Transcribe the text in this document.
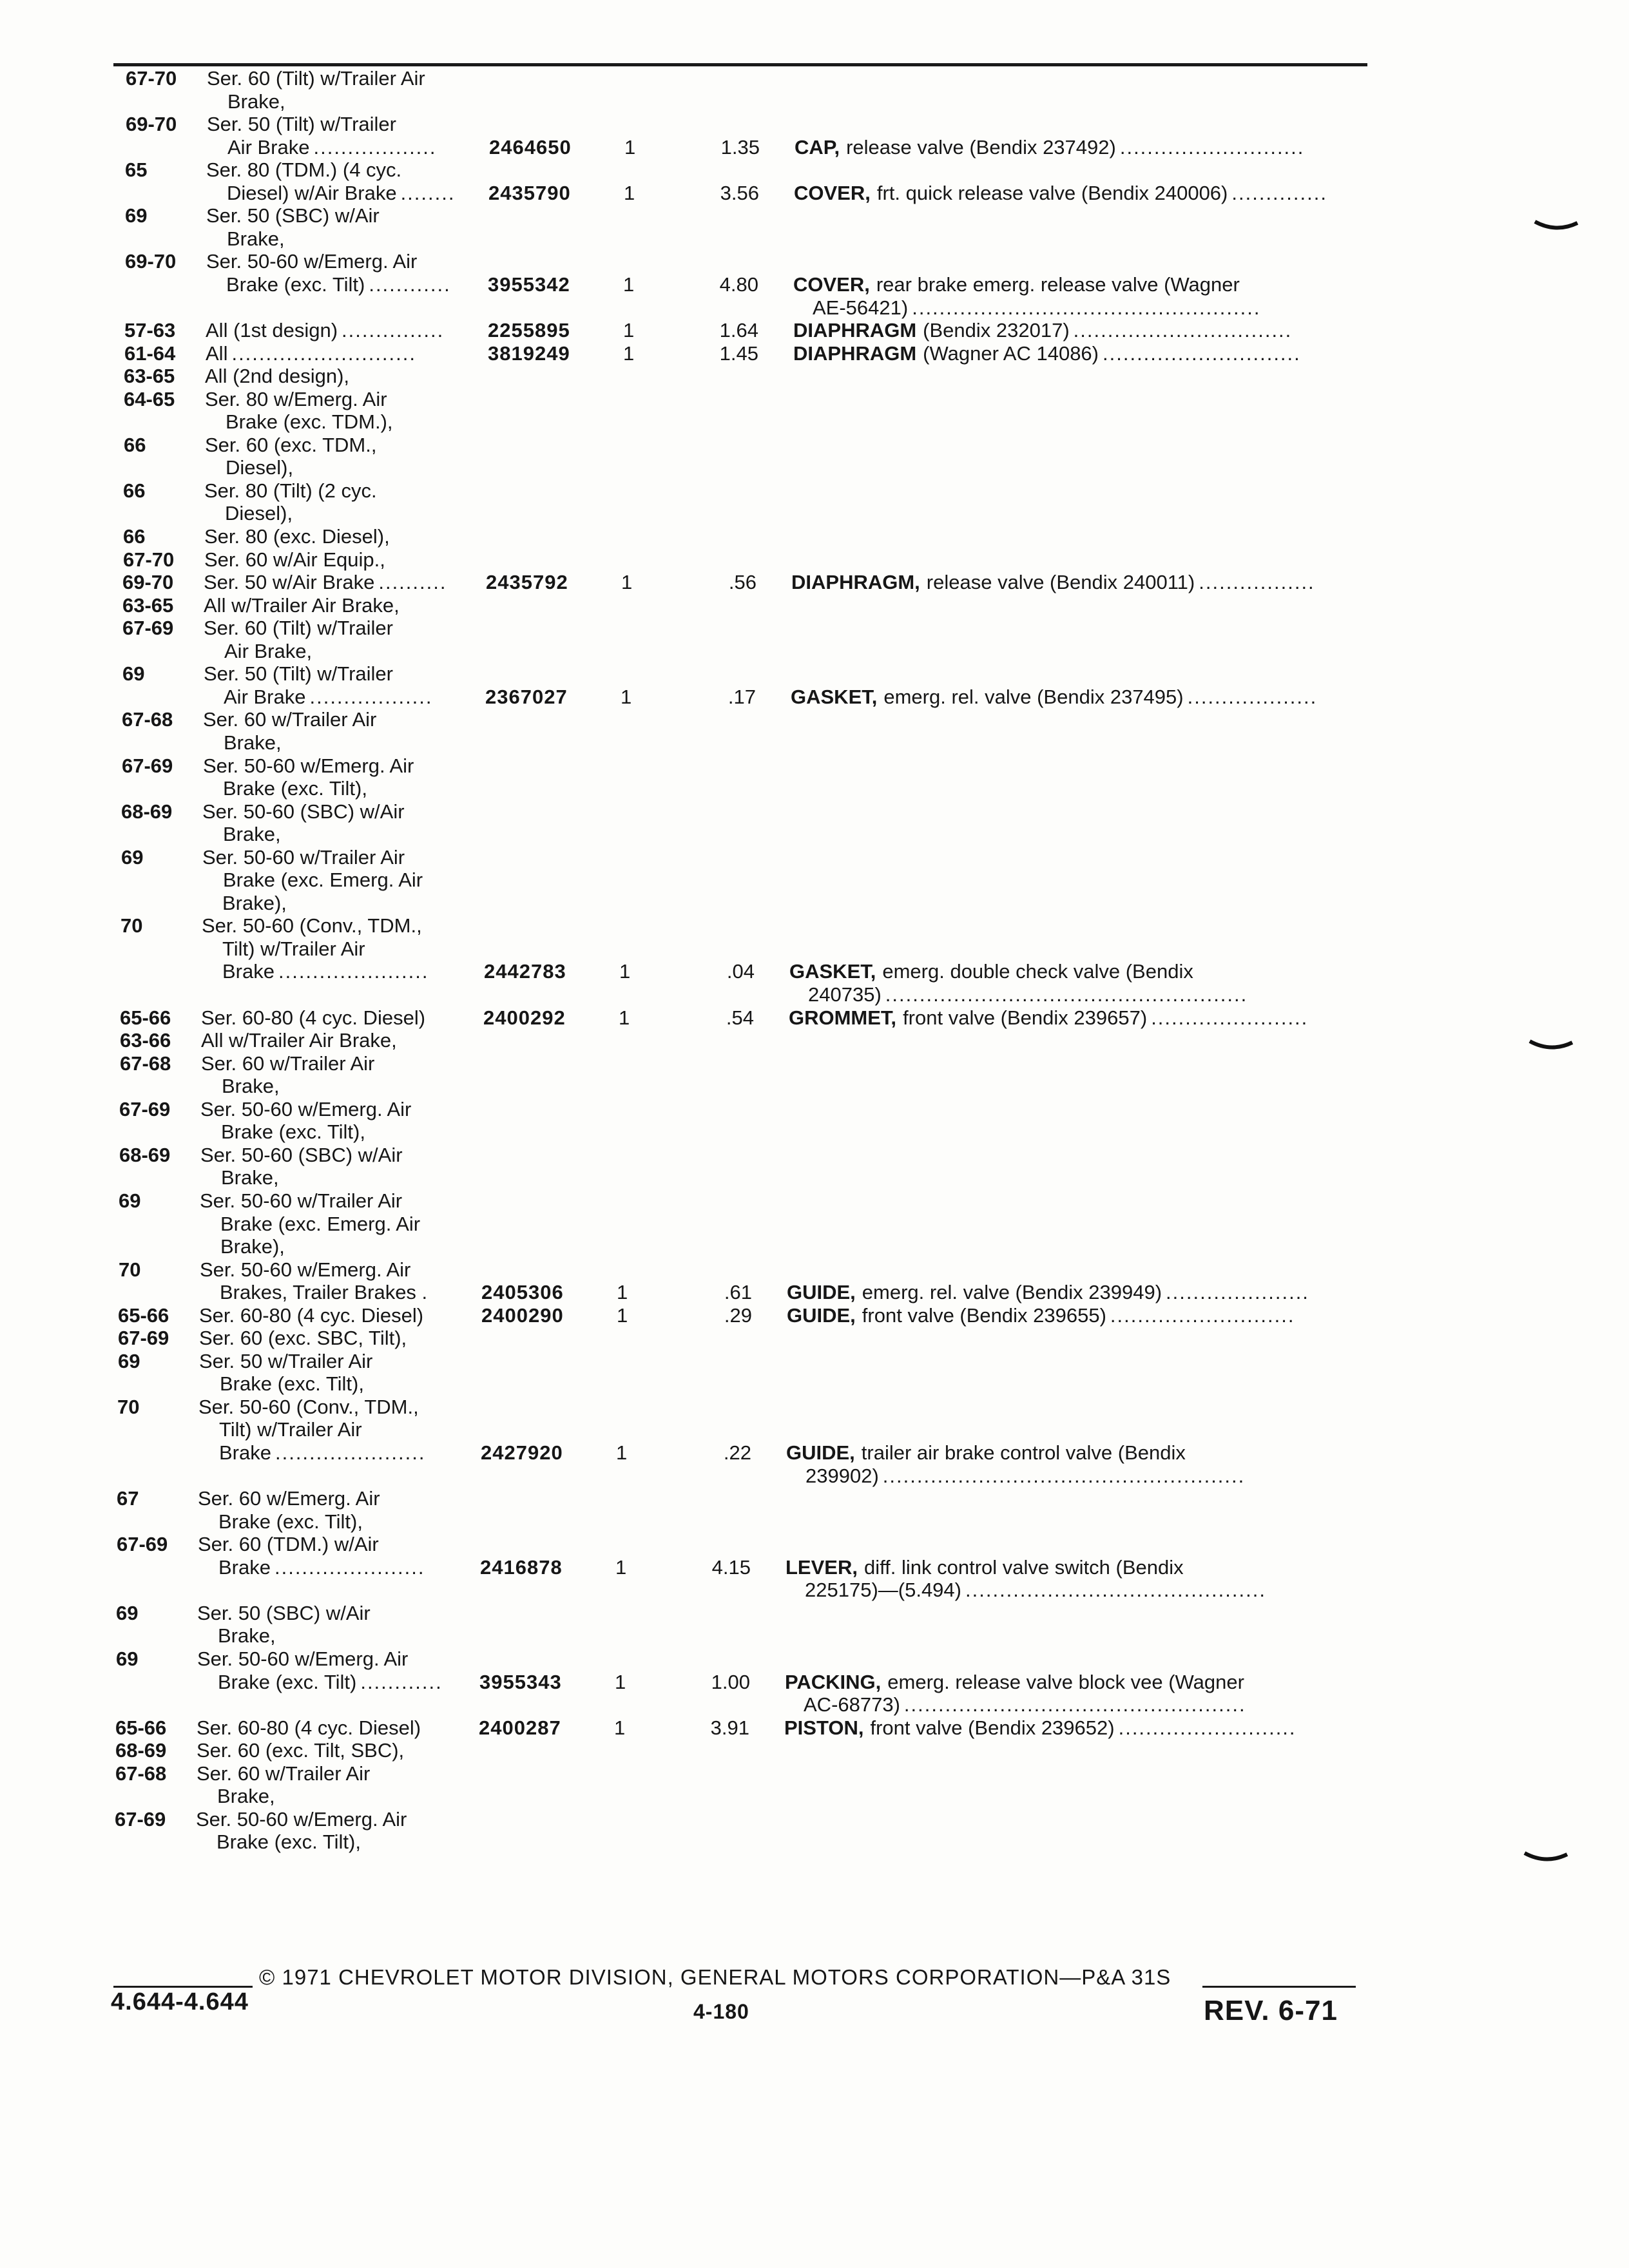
67-70 Ser. 60 (Tilt) w/Trailer Air
Brake,
69-70 Ser. 50 (Tilt) w/Trailer
Air Brake ..................	2464650	1	1.35 CAP, release valve (Bendix 237492) ...........................
65	Ser. 80 (TDM.) (4 cyc.
Diesel) w/Air Brake ........ 2435790	1	3.56 COVER, frt. quick release valve (Bendix 240006) ..............
69	Ser. 50 (SBC) w/Air
Brake,
69-70 Ser. 50-60 w/Emerg. Air
Brake (exc. Tilt) ............ 3955342	1	4.80 COVER, rear brake emerg. release valve (Wagner
AE-56421) ...................................................
57-63 All (1st design) ............... 2255895	1	1.64 DIAPHRAGM (Bendix 232017) ................................
61-64 All ...........................	3819249	1	1.45 DIAPHRAGM (Wagner AC 14086) .............................
63-65 All (2nd design),
64-65 Ser. 80 w/Emerg. Air
Brake (exc. TDM.),
66	Ser. 60 (exc. TDM.,
Diesel),
66	Ser. 80 (Tilt) (2 cyc.
Diesel),
66	Ser. 80 (exc. Diesel),
67-70 Ser. 60 w/Air Equip.,
69-70 Ser. 50 w/Air Brake .......... 2435792	1	.56 DIAPHRAGM, release valve (Bendix 240011) .................
63-65 All w/Trailer Air Brake,
67-69 Ser. 60 (Tilt) w/Trailer
Air Brake,
69	Ser. 50 (Tilt) w/Trailer
Air Brake ..................	2367027	1	.17 GASKET, emerg. rel. valve (Bendix 237495) ...................
67-68 Ser. 60 w/Trailer Air
Brake,
67-69 Ser. 50-60 w/Emerg. Air
Brake (exc. Tilt),
68-69 Ser. 50-60 (SBC) w/Air
Brake,
69	Ser. 50-60 w/Trailer Air
Brake (exc. Emerg. Air
Brake),
70	Ser. 50-60 (Conv., TDM.,
Tilt) w/Trailer Air
Brake ......................	2442783	1	.04 GASKET, emerg. double check valve (Bendix
240735) .....................................................
65-66 Ser. 60-80 (4 cyc. Diesel)	2400292	1	.54 GROMMET, front valve (Bendix 239657) .......................
63-66 All w/Trailer Air Brake,
67-68 Ser. 60 w/Trailer Air
Brake,
67-69 Ser. 50-60 w/Emerg. Air
Brake (exc. Tilt),
68-69 Ser. 50-60 (SBC) w/Air
Brake,
69	Ser. 50-60 w/Trailer Air
Brake (exc. Emerg. Air
Brake),
70	Ser. 50-60 w/Emerg. Air
Brakes, Trailer Brakes .	2405306	1	.61 GUIDE, emerg. rel. valve (Bendix 239949) .....................
65-66 Ser. 60-80 (4 cyc. Diesel)	2400290	1	.29 GUIDE, front valve (Bendix 239655) ...........................
67-69 Ser. 60 (exc. SBC, Tilt),
69	Ser. 50 w/Trailer Air
Brake (exc. Tilt),
70	Ser. 50-60 (Conv., TDM.,
Tilt) w/Trailer Air
Brake ......................	2427920	1	.22 GUIDE, trailer air brake control valve (Bendix
239902) .....................................................
67	Ser. 60 w/Emerg. Air
Brake (exc. Tilt),
67-69 Ser. 60 (TDM.) w/Air
Brake ......................	2416878	1	4.15 LEVER, diff. link control valve switch (Bendix
225175)—(5.494) ............................................
69	Ser. 50 (SBC) w/Air
Brake,
69	Ser. 50-60 w/Emerg. Air
Brake (exc. Tilt) ............ 3955343	1	1.00 PACKING, emerg. release valve block vee (Wagner
AC-68773) ..................................................
65-66 Ser. 60-80 (4 cyc. Diesel)	2400287	1	3.91 PISTON, front valve (Bendix 239652) ..........................
68-69 Ser. 60 (exc. Tilt, SBC),
67-68 Ser. 60 w/Trailer Air
Brake,
67-69 Ser. 50-60 w/Emerg. Air
Brake (exc. Tilt),
© 1971 CHEVROLET MOTOR DIVISION, GENERAL MOTORS CORPORATION—P&A 31S
4.644-4.644	4-180	REV. 6-71
